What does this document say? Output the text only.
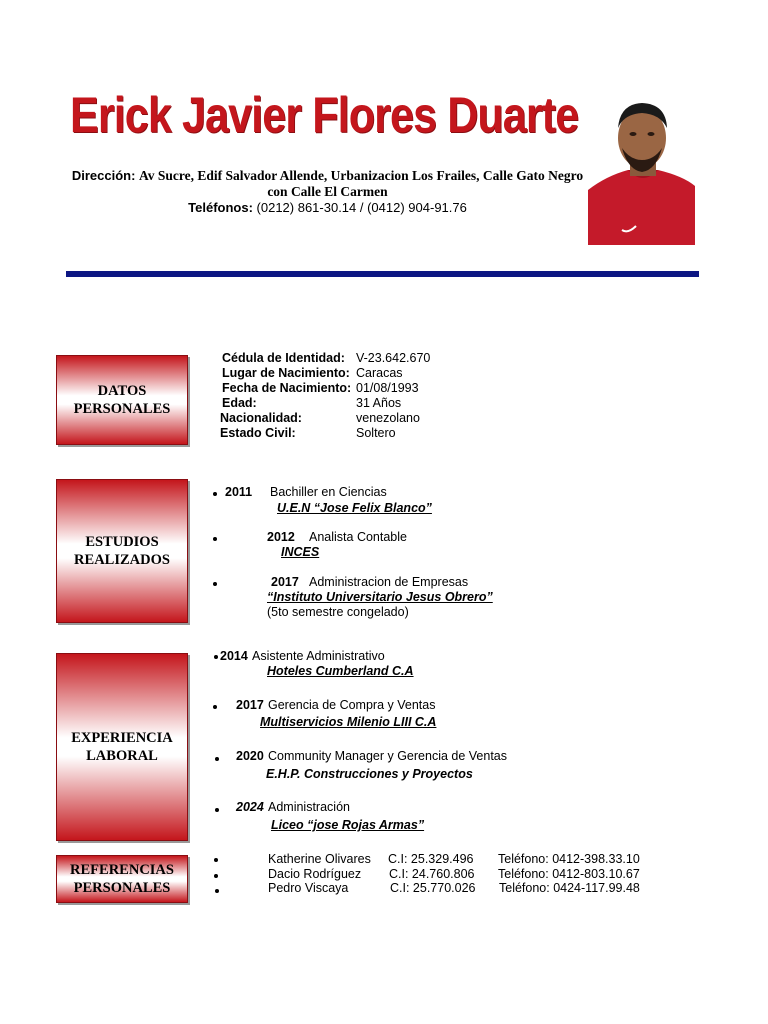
Erick Javier Flores Duarte
Dirección: Av Sucre, Edif Salvador Allende, Urbanizacion Los Frailes, Calle Gato Negro
con Calle El Carmen
Teléfonos: (0212) 861-30.14 / (0412) 904-91.76
DATOS
PERSONALES
Cédula de Identidad: V-23.642.670
Lugar de Nacimiento: Caracas
Fecha de Nacimiento: 01/08/1993
Edad:	31 Años
Nacionalidad:	venezolano
Estado Civil:	Soltero
ESTUDIOS
REALIZADOS
2011 Bachiller en Ciencias
U.E.N “Jose Felix Blanco”
2012 Analista Contable
INCES
2017 Administracion de Empresas
“Instituto Universitario Jesus Obrero”
(5to semestre congelado)
EXPERIENCIA
LABORAL
2014 Asistente Administrativo
Hoteles Cumberland C.A
2017 Gerencia de Compra y Ventas
Multiservicios Milenio LIII C.A
2020 Community Manager y Gerencia de Ventas
E.H.P. Construcciones y Proyectos
2024 Administración
Liceo “jose Rojas Armas”
REFERENCIAS
PERSONALES
Katherine Olivares C.I: 25.329.496 Teléfono: 0412-398.33.10
Dacio Rodríguez C.I: 24.760.806 Teléfono: 0412-803.10.67
Pedro Viscaya	C.I: 25.770.026 Teléfono: 0424-117.99.48
